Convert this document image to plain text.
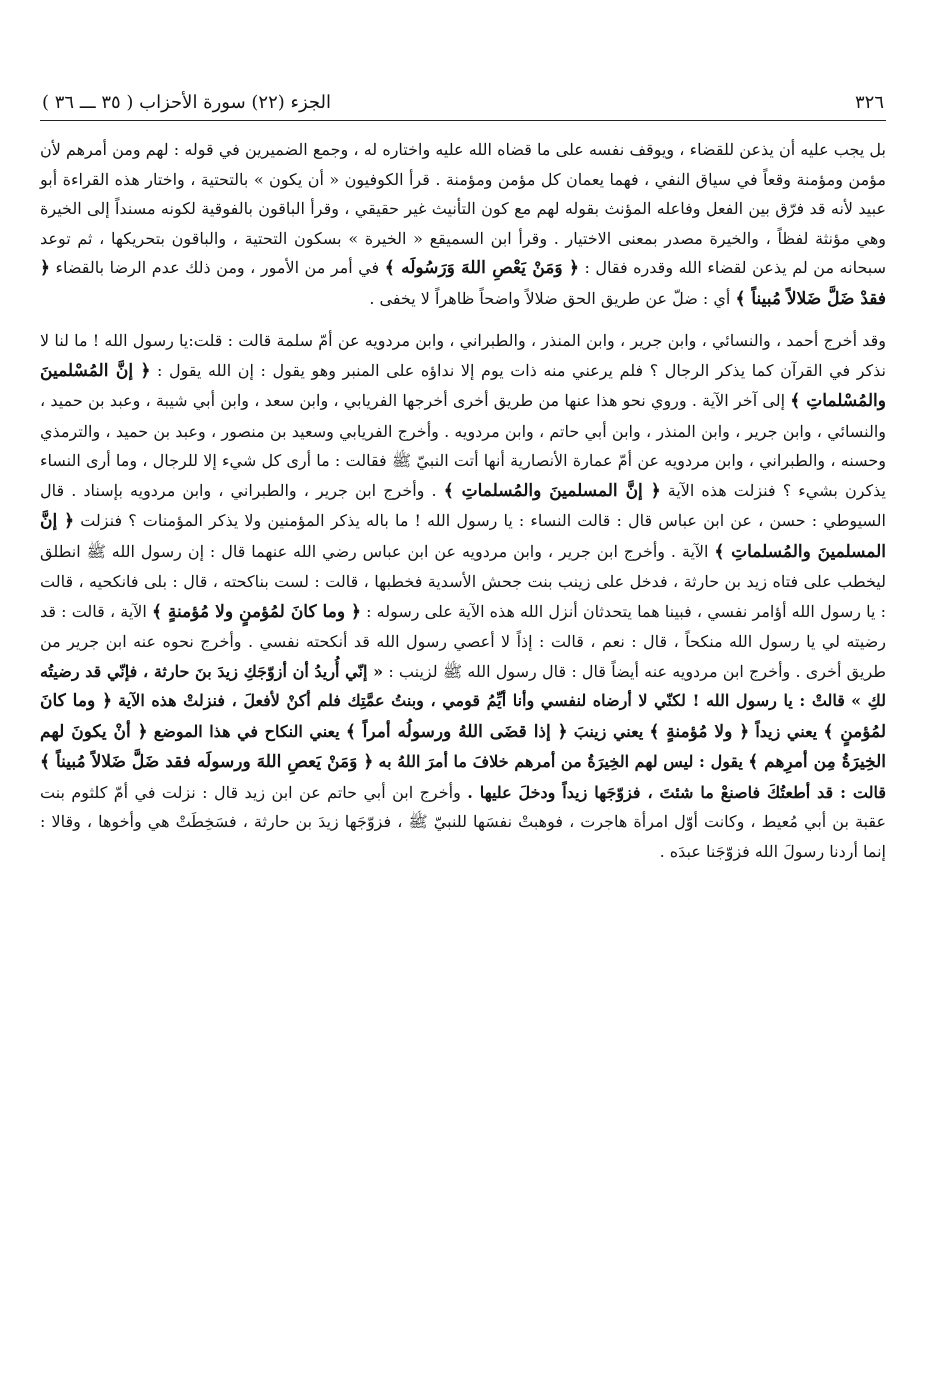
٣٢٦
الجزء (٢٢) سورة الأحزاب ( ٣٥ ـــ ٣٦ )

بل يجب عليه أن يذعن للقضاء ، ويوقف نفسه على ما قضاه الله عليه واختاره له ، وجمع الضميرين في قوله : لهم ومن أمرهم لأن مؤمن ومؤمنة وقعاً في سياق النفي ، فهما يعمان كل مؤمن ومؤمنة . قرأ الكوفيون « أن يكون » بالتحتية ، واختار هذه القراءة أبو عبيد لأنه قد فرّق بين الفعل وفاعله المؤنث بقوله لهم مع كون التأنيث غير حقيقي ، وقرأ الباقون بالفوقية لكونه مسنداً إلى الخيرة وهي مؤنثة لفظاً ، والخيرة مصدر بمعنى الاختيار . وقرأ ابن السميقع « الخيرة » بسكون التحتية ، والباقون بتحريكها ، ثم توعد سبحانه من لم يذعن لقضاء الله وقدره فقال : ﴿ وَمَنْ يَعْصِ اللهَ وَرَسُولَه ﴾ في أمر من الأمور ، ومن ذلك عدم الرضا بالقضاء ﴿ فقدْ ضَلَّ ضَلالاً مُبيناً ﴾ أي : ضلّ عن طريق الحق ضلالاً واضحاً ظاهراً لا يخفى .

وقد أخرج أحمد ، والنسائي ، وابن جرير ، وابن المنذر ، والطبراني ، وابن مردويه عن أمّ سلمة قالت : قلت:يا رسول الله ! ما لنا لا نذكر في القرآن كما يذكر الرجال ؟ فلم يرعني منه ذات يوم إلا نداؤه على المنبر وهو يقول : إن الله يقول : ﴿ إنَّ المُسْلمينَ والمُسْلماتِ ﴾ إلى آخر الآية . وروي نحو هذا عنها من طريق أخرى أخرجها الفريابي ، وابن سعد ، وابن أبي شيبة ، وعبد بن حميد ، والنسائي ، وابن جرير ، وابن المنذر ، وابن أبي حاتم ، وابن مردويه . وأخرج الفريابي وسعيد بن منصور ، وعبد بن حميد ، والترمذي وحسنه ، والطبراني ، وابن مردويه عن أمّ عمارة الأنصارية أنها أتت النبيّ ﷺ فقالت : ما أرى كل شيء إلا للرجال ، وما أرى النساء يذكرن بشيء ؟ فنزلت هذه الآية ﴿ إنَّ المسلمينَ والمُسلماتِ ﴾ . وأخرج ابن جرير ، والطبراني ، وابن مردويه بإسناد . قال السيوطي : حسن ، عن ابن عباس قال : قالت النساء : يا رسول الله ! ما باله يذكر المؤمنين ولا يذكر المؤمنات ؟ فنزلت ﴿ إنَّ المسلمينَ والمُسلماتِ ﴾ الآية . وأخرج ابن جرير ، وابن مردويه عن ابن عباس رضي الله عنهما قال : إن رسول الله ﷺ انطلق ليخطب على فتاه زيد بن حارثة ، فدخل على زينب بنت جحش الأسدية فخطبها ، قالت : لست بناكحته ، قال : بلى فانكحيه ، قالت : يا رسول الله أؤامر نفسي ، فبينا هما يتحدثان أنزل الله هذه الآية على رسوله : ﴿ وما كانَ لمُؤمنٍ ولا مُؤمنةٍ ﴾ الآية ، قالت : قد رضيته لي يا رسول الله منكحاً ، قال : نعم ، قالت : إذاً لا أعصي رسول الله قد أنكحته نفسي . وأخرج نحوه عنه ابن جرير من طريق أخرى . وأخرج ابن مردويه عنه أيضاً قال : قال رسول الله ﷺ لزينب : « إنّي أُريدُ أن أزوّجَكِ زيدَ بنَ حارثة ، فإنّي قد رضيتُه لكِ » قالتْ : يا رسول الله ! لكنّي لا أرضاه لنفسي وأنا أيِّمُ قومي ، وبنتُ عمَّتِك فلم أكنْ لأفعلَ ، فنزلتْ هذه الآية ﴿ وما كانَ لمُؤمنٍ ﴾ يعني زيداً ﴿ ولا مُؤمنةٍ ﴾ يعني زينبَ ﴿ إذا قضَى اللهُ ورسولُه أمراً ﴾ يعني النكاح في هذا الموضع ﴿ أنْ يكونَ لهم الخِيرَةُ مِن أمرِهم ﴾ يقول : ليس لهم الخِيرَةُ من أمرهم خلافَ ما أمرَ اللهُ به ﴿ وَمَنْ يَعصِ اللهَ ورسولَه فقد ضَلَّ ضَلالاً مُبيناً ﴾ قالت : قد أطعتُكَ فاصنعْ ما شئتَ ، فزوّجَها زيداً ودخلَ عليها . وأخرج ابن أبي حاتم عن ابن زيد قال : نزلت في أمّ كلثوم بنت عقبة بن أبي مُعيط ، وكانت أوّل امرأة هاجرت ، فوهبتْ نفسَها للنبيّ ﷺ ، فزوّجَها زيدَ بن حارثة ، فسَخِطَتْ هي وأخوها ، وقالا : إنما أردنا رسولَ الله فزوّجَنا عبدَه .
